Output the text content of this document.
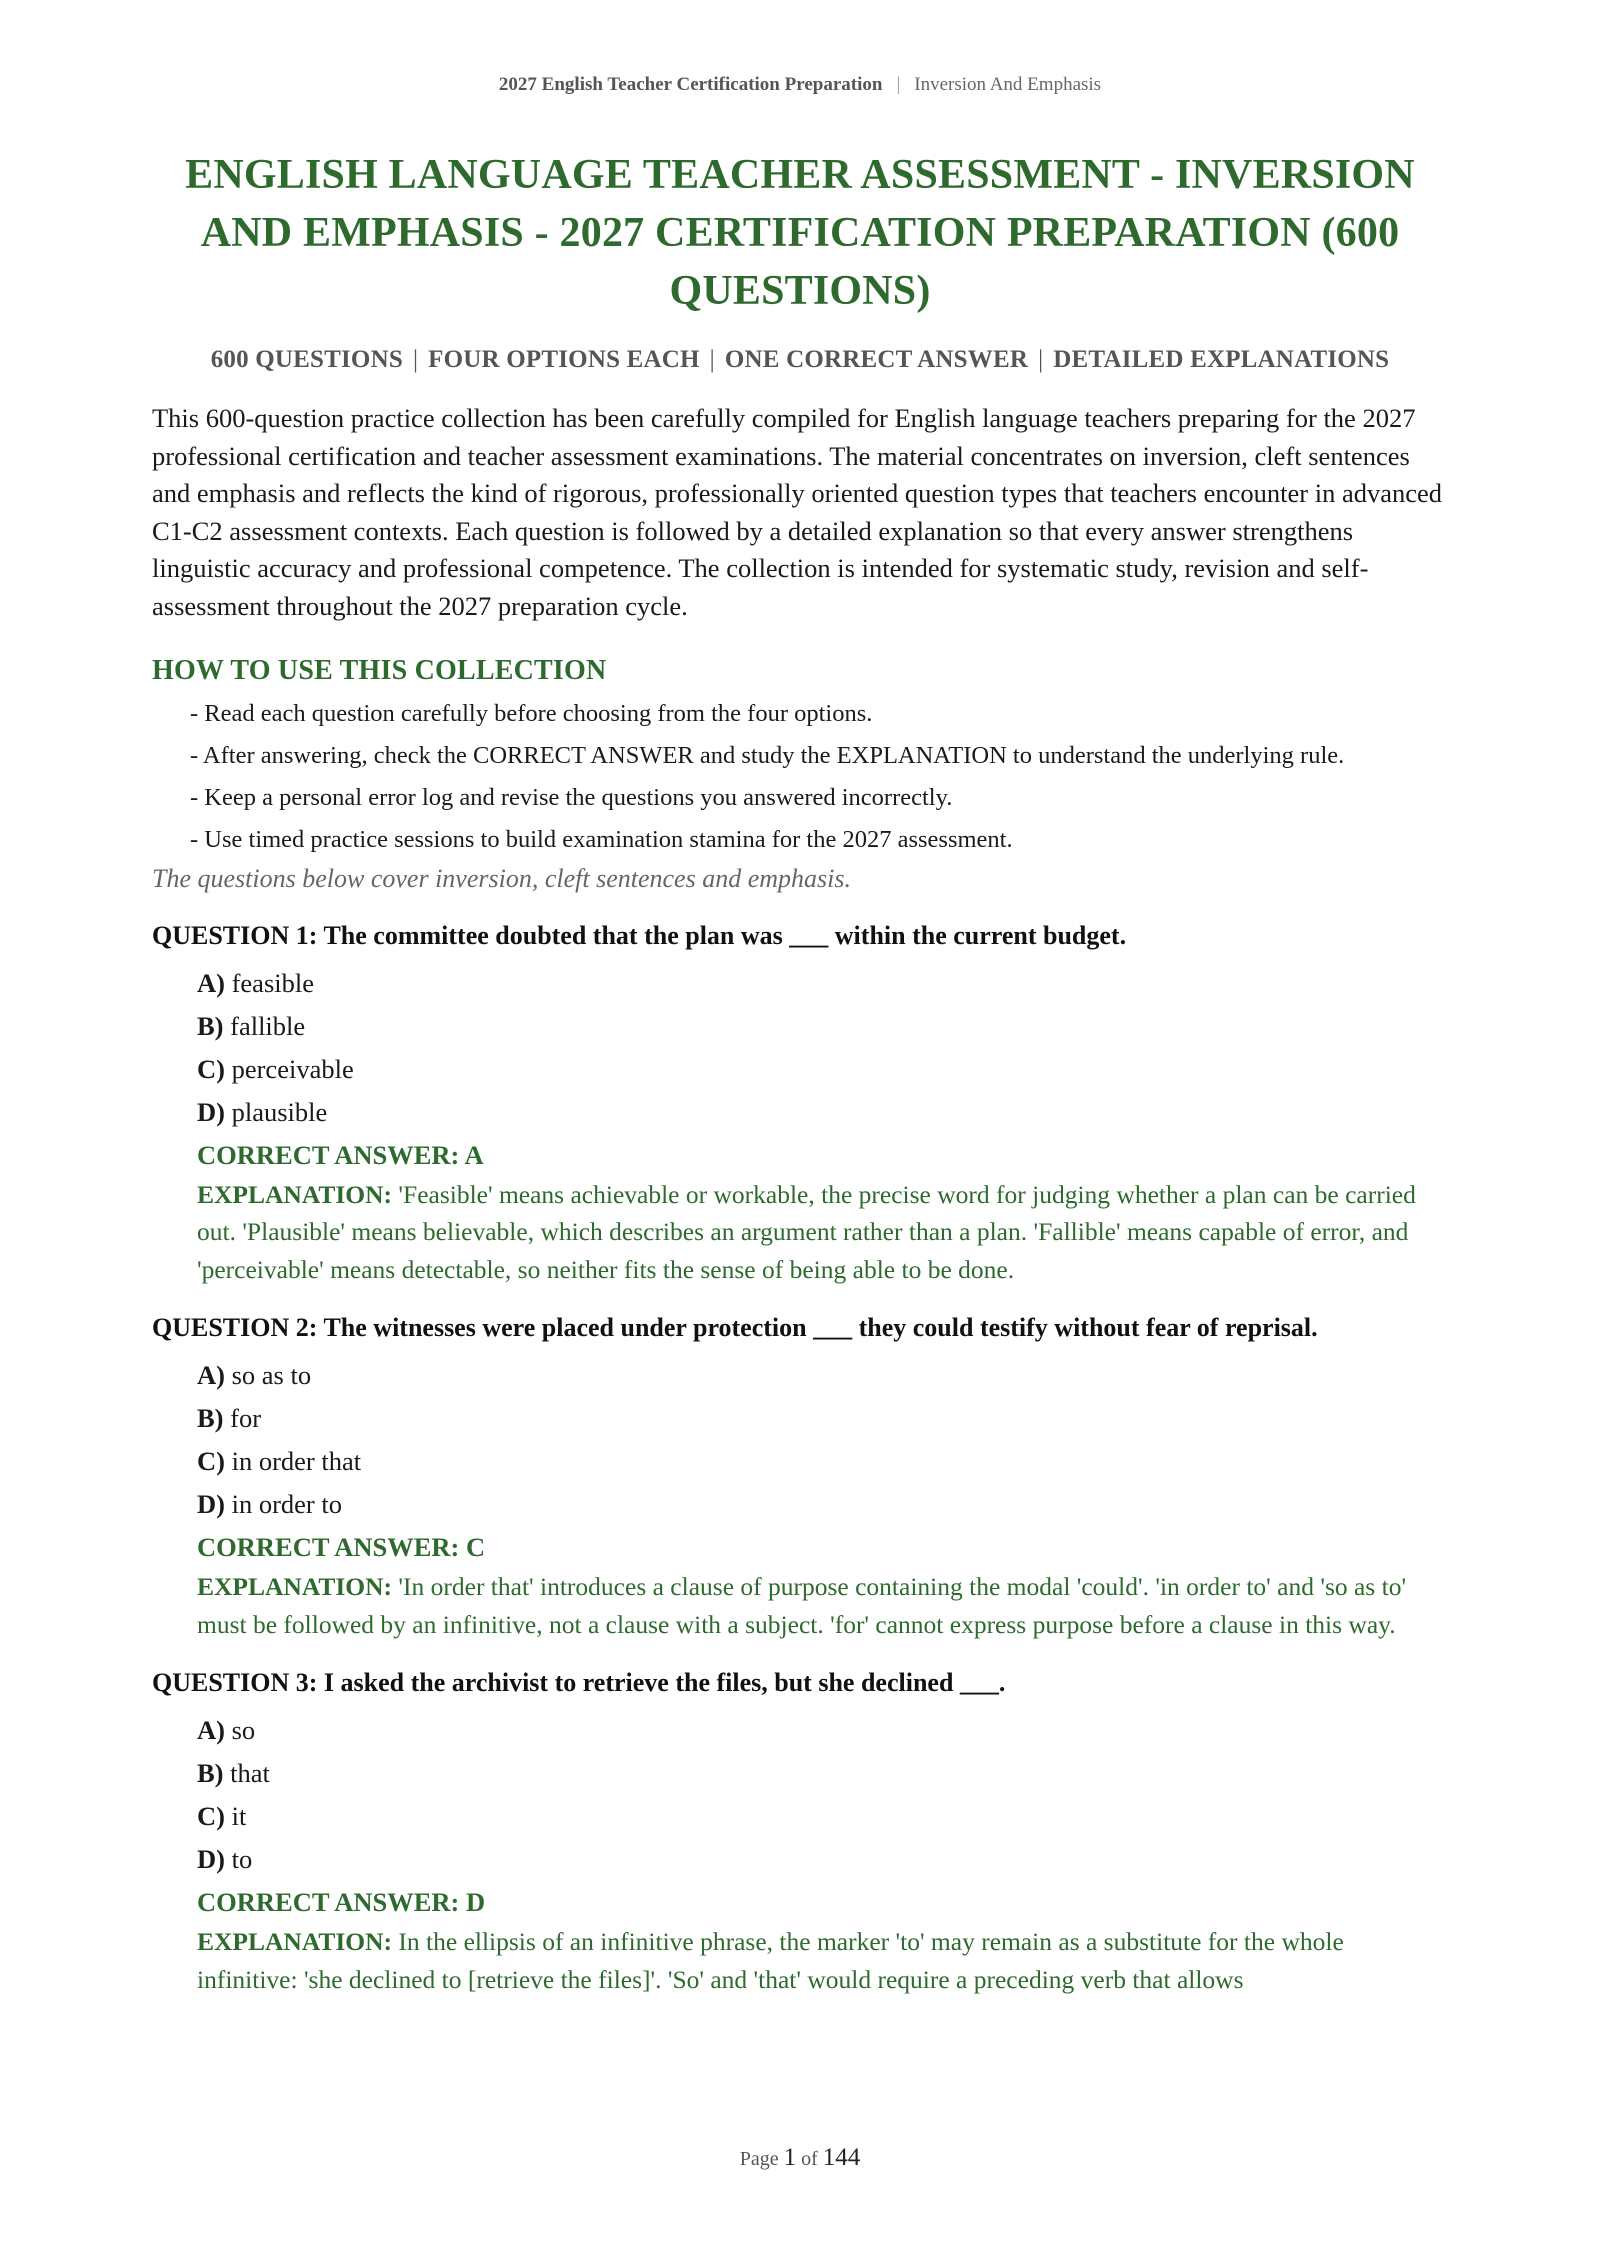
2027 English Teacher Certification Preparation | Inversion And Emphasis
ENGLISH LANGUAGE TEACHER ASSESSMENT - INVERSION AND EMPHASIS - 2027 CERTIFICATION PREPARATION (600 QUESTIONS)
600 QUESTIONS | FOUR OPTIONS EACH | ONE CORRECT ANSWER | DETAILED EXPLANATIONS

This 600-question practice collection has been carefully compiled for English language teachers preparing for the 2027 professional certification and teacher assessment examinations. The material concentrates on inversion, cleft sentences and emphasis and reflects the kind of rigorous, professionally oriented question types that teachers encounter in advanced C1-C2 assessment contexts. Each question is followed by a detailed explanation so that every answer strengthens linguistic accuracy and professional competence. The collection is intended for systematic study, revision and self-assessment throughout the 2027 preparation cycle.

HOW TO USE THIS COLLECTION
- Read each question carefully before choosing from the four options.
- After answering, check the CORRECT ANSWER and study the EXPLANATION to understand the underlying rule.
- Keep a personal error log and revise the questions you answered incorrectly.
- Use timed practice sessions to build examination stamina for the 2027 assessment.
The questions below cover inversion, cleft sentences and emphasis.
QUESTION 1: The committee doubted that the plan was ___ within the current budget.
A) feasible
B) fallible
C) perceivable
D) plausible
CORRECT ANSWER: A
EXPLANATION: 'Feasible' means achievable or workable, the precise word for judging whether a plan can be carried out. 'Plausible' means believable, which describes an argument rather than a plan. 'Fallible' means capable of error, and 'perceivable' means detectable, so neither fits the sense of being able to be done.
QUESTION 2: The witnesses were placed under protection ___ they could testify without fear of reprisal.
A) so as to
B) for
C) in order that
D) in order to
CORRECT ANSWER: C
EXPLANATION: 'In order that' introduces a clause of purpose containing the modal 'could'. 'in order to' and 'so as to' must be followed by an infinitive, not a clause with a subject. 'for' cannot express purpose before a clause in this way.
QUESTION 3: I asked the archivist to retrieve the files, but she declined ___.
A) so
B) that
C) it
D) to
CORRECT ANSWER: D
EXPLANATION: In the ellipsis of an infinitive phrase, the marker 'to' may remain as a substitute for the whole infinitive: 'she declined to [retrieve the files]'. 'So' and 'that' would require a preceding verb that allows
Page 1 of 144
